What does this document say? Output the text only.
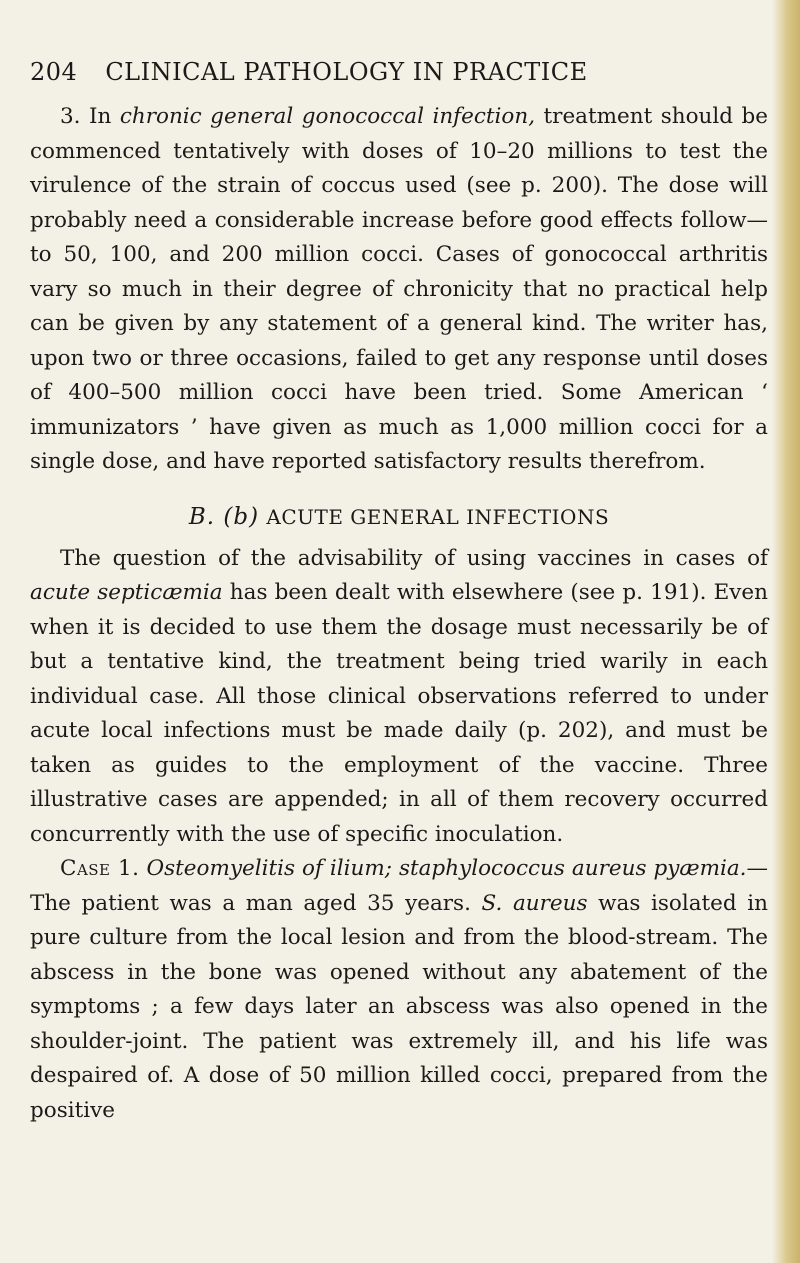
204 CLINICAL PATHOLOGY IN PRACTICE

3. In chronic general gonococcal infection, treatment should be commenced tentatively with doses of 10–20 millions to test the virulence of the strain of coccus used (see p. 200). The dose will probably need a considerable increase before good effects follow—to 50, 100, and 200 million cocci. Cases of gonococcal arthritis vary so much in their degree of chronicity that no practical help can be given by any statement of a general kind. The writer has, upon two or three occasions, failed to get any response until doses of 400–500 million cocci have been tried. Some American ‘ immunizators ’ have given as much as 1,000 million cocci for a single dose, and have reported satisfactory results therefrom.

B. (b) ACUTE GENERAL INFECTIONS

The question of the advisability of using vaccines in cases of acute septicæmia has been dealt with elsewhere (see p. 191). Even when it is decided to use them the dosage must necessarily be of but a tentative kind, the treatment being tried warily in each individual case. All those clinical observations referred to under acute local infections must be made daily (p. 202), and must be taken as guides to the employment of the vaccine. Three illustrative cases are appended; in all of them recovery occurred concurrently with the use of specific inoculation.

Case 1. Osteomyelitis of ilium; staphylococcus aureus pyæmia.—The patient was a man aged 35 years. S. aureus was isolated in pure culture from the local lesion and from the blood-stream. The abscess in the bone was opened without any abatement of the symptoms ; a few days later an abscess was also opened in the shoulder-joint. The patient was extremely ill, and his life was despaired of. A dose of 50 million killed cocci, prepared from the positive
